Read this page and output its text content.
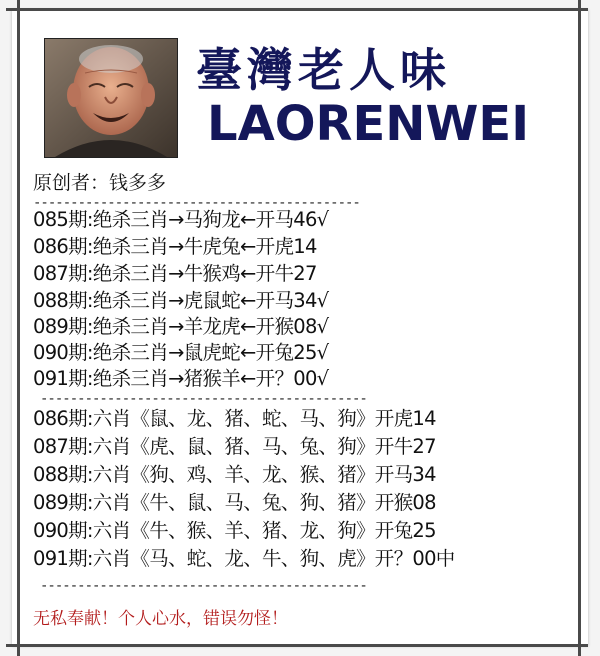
臺灣老人味
LAORENWEI
原创者：钱多多
--------------------------------------------
085期:绝杀三肖→马狗龙←开马46√
086期:绝杀三肖→牛虎兔←开虎14
087期:绝杀三肖→牛猴鸡←开牛27
088期:绝杀三肖→虎鼠蛇←开马34√
089期:绝杀三肖→羊龙虎←开猴08√
090期:绝杀三肖→鼠虎蛇←开兔25√
091期:绝杀三肖→猪猴羊←开？00√
--------------------------------------------
086期:六肖《鼠、龙、猪、蛇、马、狗》开虎14
087期:六肖《虎、鼠、猪、马、兔、狗》开牛27
088期:六肖《狗、鸡、羊、龙、猴、猪》开马34
089期:六肖《牛、鼠、马、兔、狗、猪》开猴08
090期:六肖《牛、猴、羊、猪、龙、狗》开兔25
091期:六肖《马、蛇、龙、牛、狗、虎》开？00中
--------------------------------------------
无私奉献！个人心水，错误勿怪！
